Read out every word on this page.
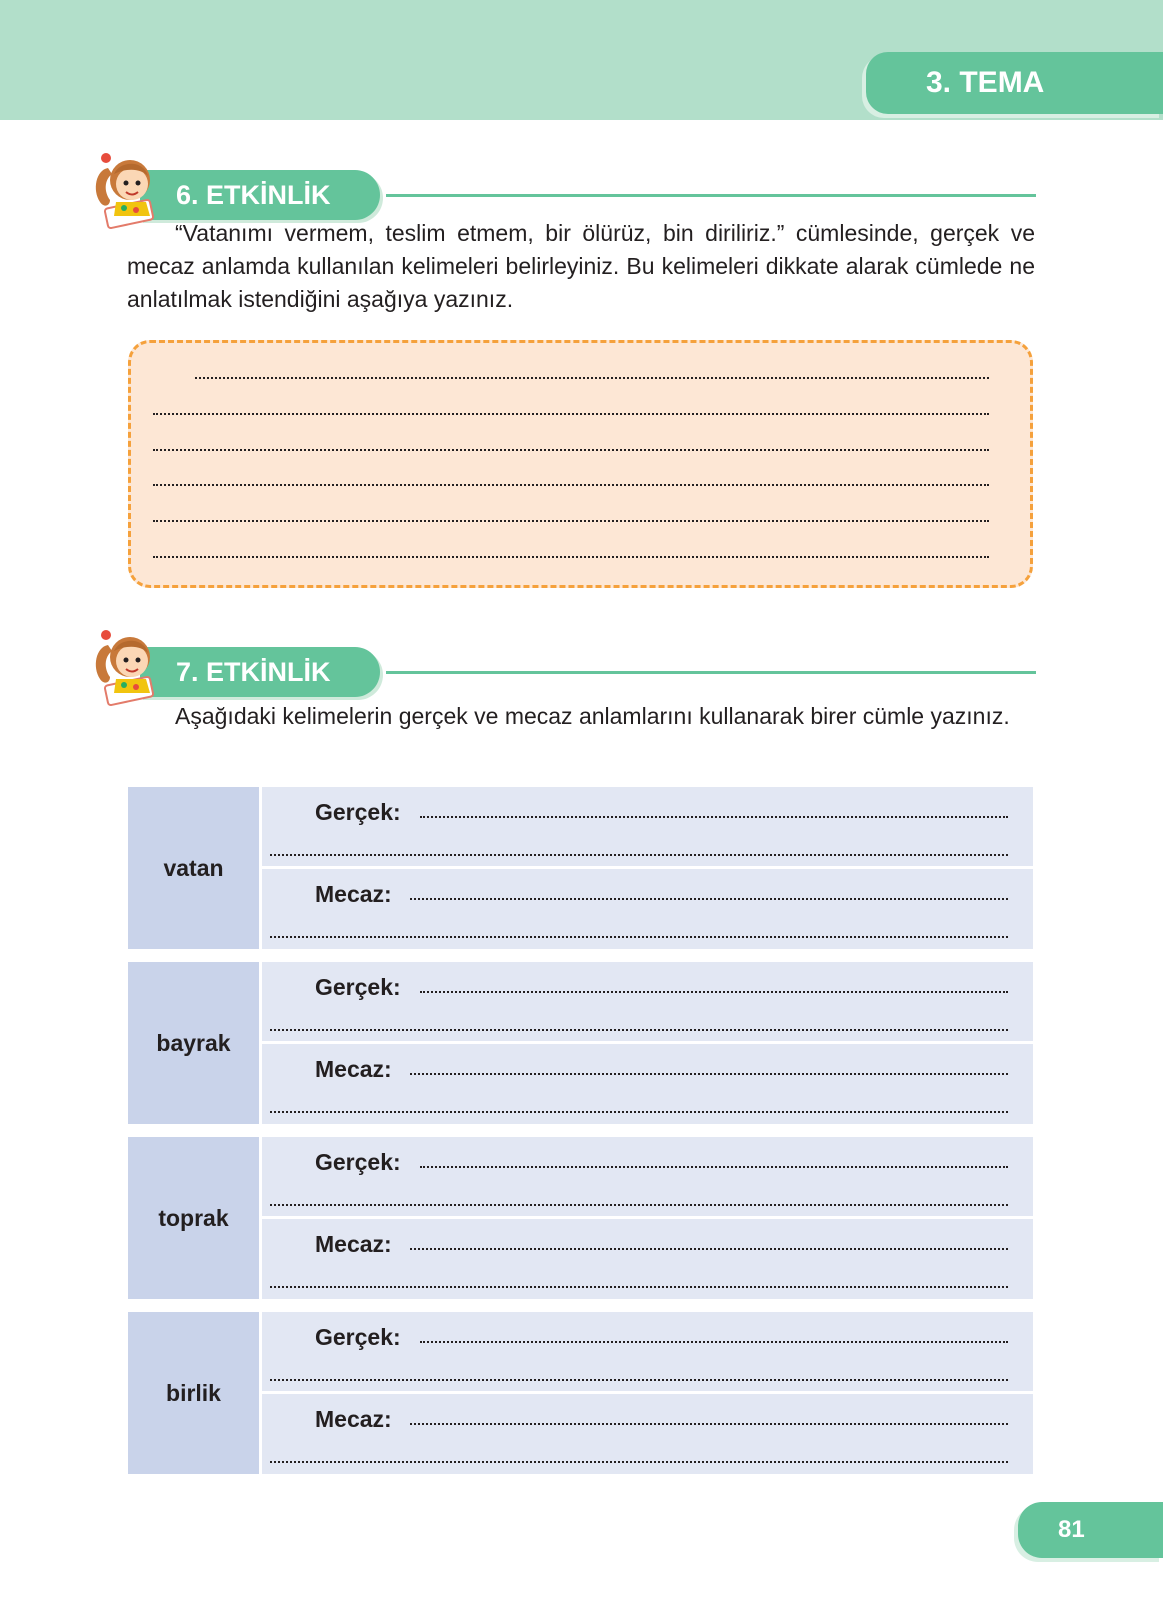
3. TEMA
6. ETKİNLİK

“Vatanımı vermem, teslim etmem, bir ölürüz, bin diriliriz.” cümlesinde, gerçek ve mecaz anlamda kullanılan kelimeleri belirleyiniz. Bu kelimeleri dikkate alarak cümlede ne anlatılmak istendiğini aşağıya yazınız.

7. ETKİNLİK

Aşağıdaki kelimelerin gerçek ve mecaz anlamlarını kullanarak birer cümle yazınız.

vatan
Gerçek:
Mecaz:
bayrak
Gerçek:
Mecaz:
toprak
Gerçek:
Mecaz:
birlik
Gerçek:
Mecaz:
81
